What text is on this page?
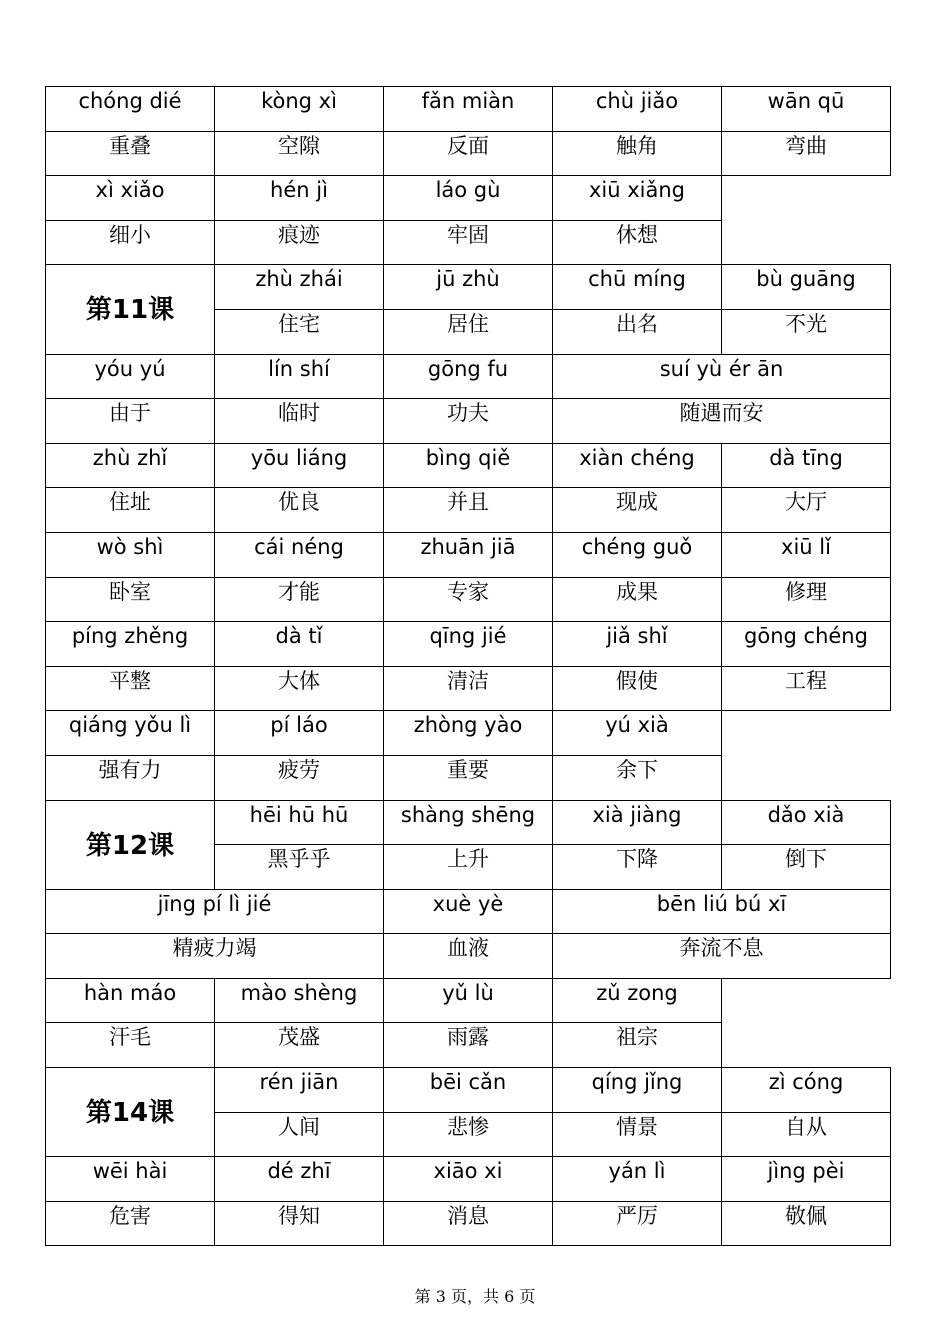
chóng dié	kòng xì	fǎn miàn	chù jiǎo	wān qū

重叠	空隙	反面	触角	弯曲

xì xiǎo	hén jì	láo gù	xiū xiǎng	

细小	痕迹	牢固	休想	

第11课	zhù zhái	jū zhù	chū míng	bù guāng

	住宅	居住	出名	不光

yóu yú	lín shí	gōng fu	suí yù ér ān	

由于	临时	功夫	随遇而安	

zhù zhǐ	yōu liáng	bìng qiě	xiàn chéng	dà tīng

住址	优良	并且	现成	大厅

wò shì	cái néng	zhuān jiā	chéng guǒ	xiū lǐ

卧室	才能	专家	成果	修理

píng zhěng	dà tǐ	qīng jié	jiǎ shǐ	gōng chéng

平整	大体	清洁	假使	工程

qiáng yǒu lì	pí láo	zhòng yào	yú xià	

强有力	疲劳	重要	余下	

第12课	hēi hū hū	shàng shēng	xià jiàng	dǎo xià

	黑乎乎	上升	下降	倒下

jīng pí lì jié		xuè yè	bēn liú bú xī	

精疲力竭		血液	奔流不息	

hàn máo	mào shèng	yǔ lù	zǔ zong	

汗毛	茂盛	雨露	祖宗	

第14课	rén jiān	bēi cǎn	qíng jǐng	zì cóng

	人间	悲惨	情景	自从

wēi hài	dé zhī	xiāo xi	yán lì	jìng pèi

危害	得知	消息	严厉	敬佩
第 3 页，共 6 页
